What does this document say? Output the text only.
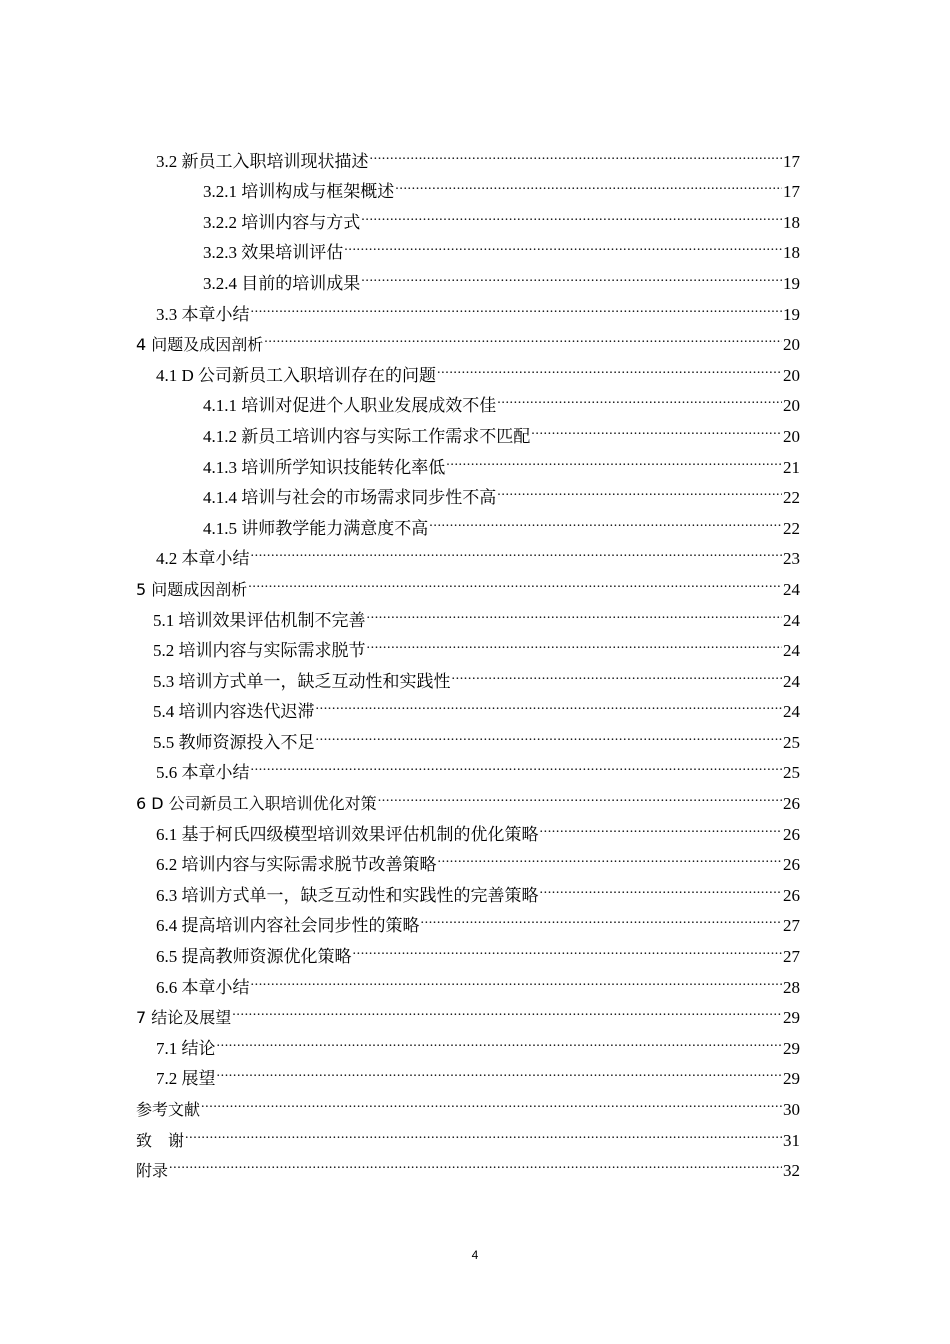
3.2 新员工入职培训现状描述 .....	17
3.2.1 培训构成与框架概述 .....	17
3.2.2 培训内容与方式 .....	18
3.2.3 效果培训评估 .....	18
3.2.4 目前的培训成果 .....	19
3.3 本章小结 .....	19
4 问题及成因剖析 .....	20
4.1 D 公司新员工入职培训存在的问题 .....	20
4.1.1 培训对促进个人职业发展成效不佳 .....	20
4.1.2 新员工培训内容与实际工作需求不匹配 .....	20
4.1.3 培训所学知识技能转化率低 .....	21
4.1.4 培训与社会的市场需求同步性不高 .....	22
4.1.5 讲师教学能力满意度不高 .....	22
4.2 本章小结 .....	23
5 问题成因剖析 .....	24
5.1 培训效果评估机制不完善 .....	24
5.2 培训内容与实际需求脱节 .....	24
5.3 培训方式单一，缺乏互动性和实践性 .....	24
5.4 培训内容迭代迟滞 .....	24
5.5 教师资源投入不足 .....	25
5.6 本章小结 .....	25
6 D 公司新员工入职培训优化对策 .....	26
6.1 基于柯氏四级模型培训效果评估机制的优化策略 .....	26
6.2 培训内容与实际需求脱节改善策略 .....	26
6.3 培训方式单一，缺乏互动性和实践性的完善策略 .....	26
6.4 提高培训内容社会同步性的策略 .....	27
6.5 提高教师资源优化策略 .....	27
6.6 本章小结 .....	28
7 结论及展望 .....	29
7.1 结论 .....	29
7.2 展望 .....	29
参考文献 .....	30
致　谢 .....	31
附录 .....	32
4
